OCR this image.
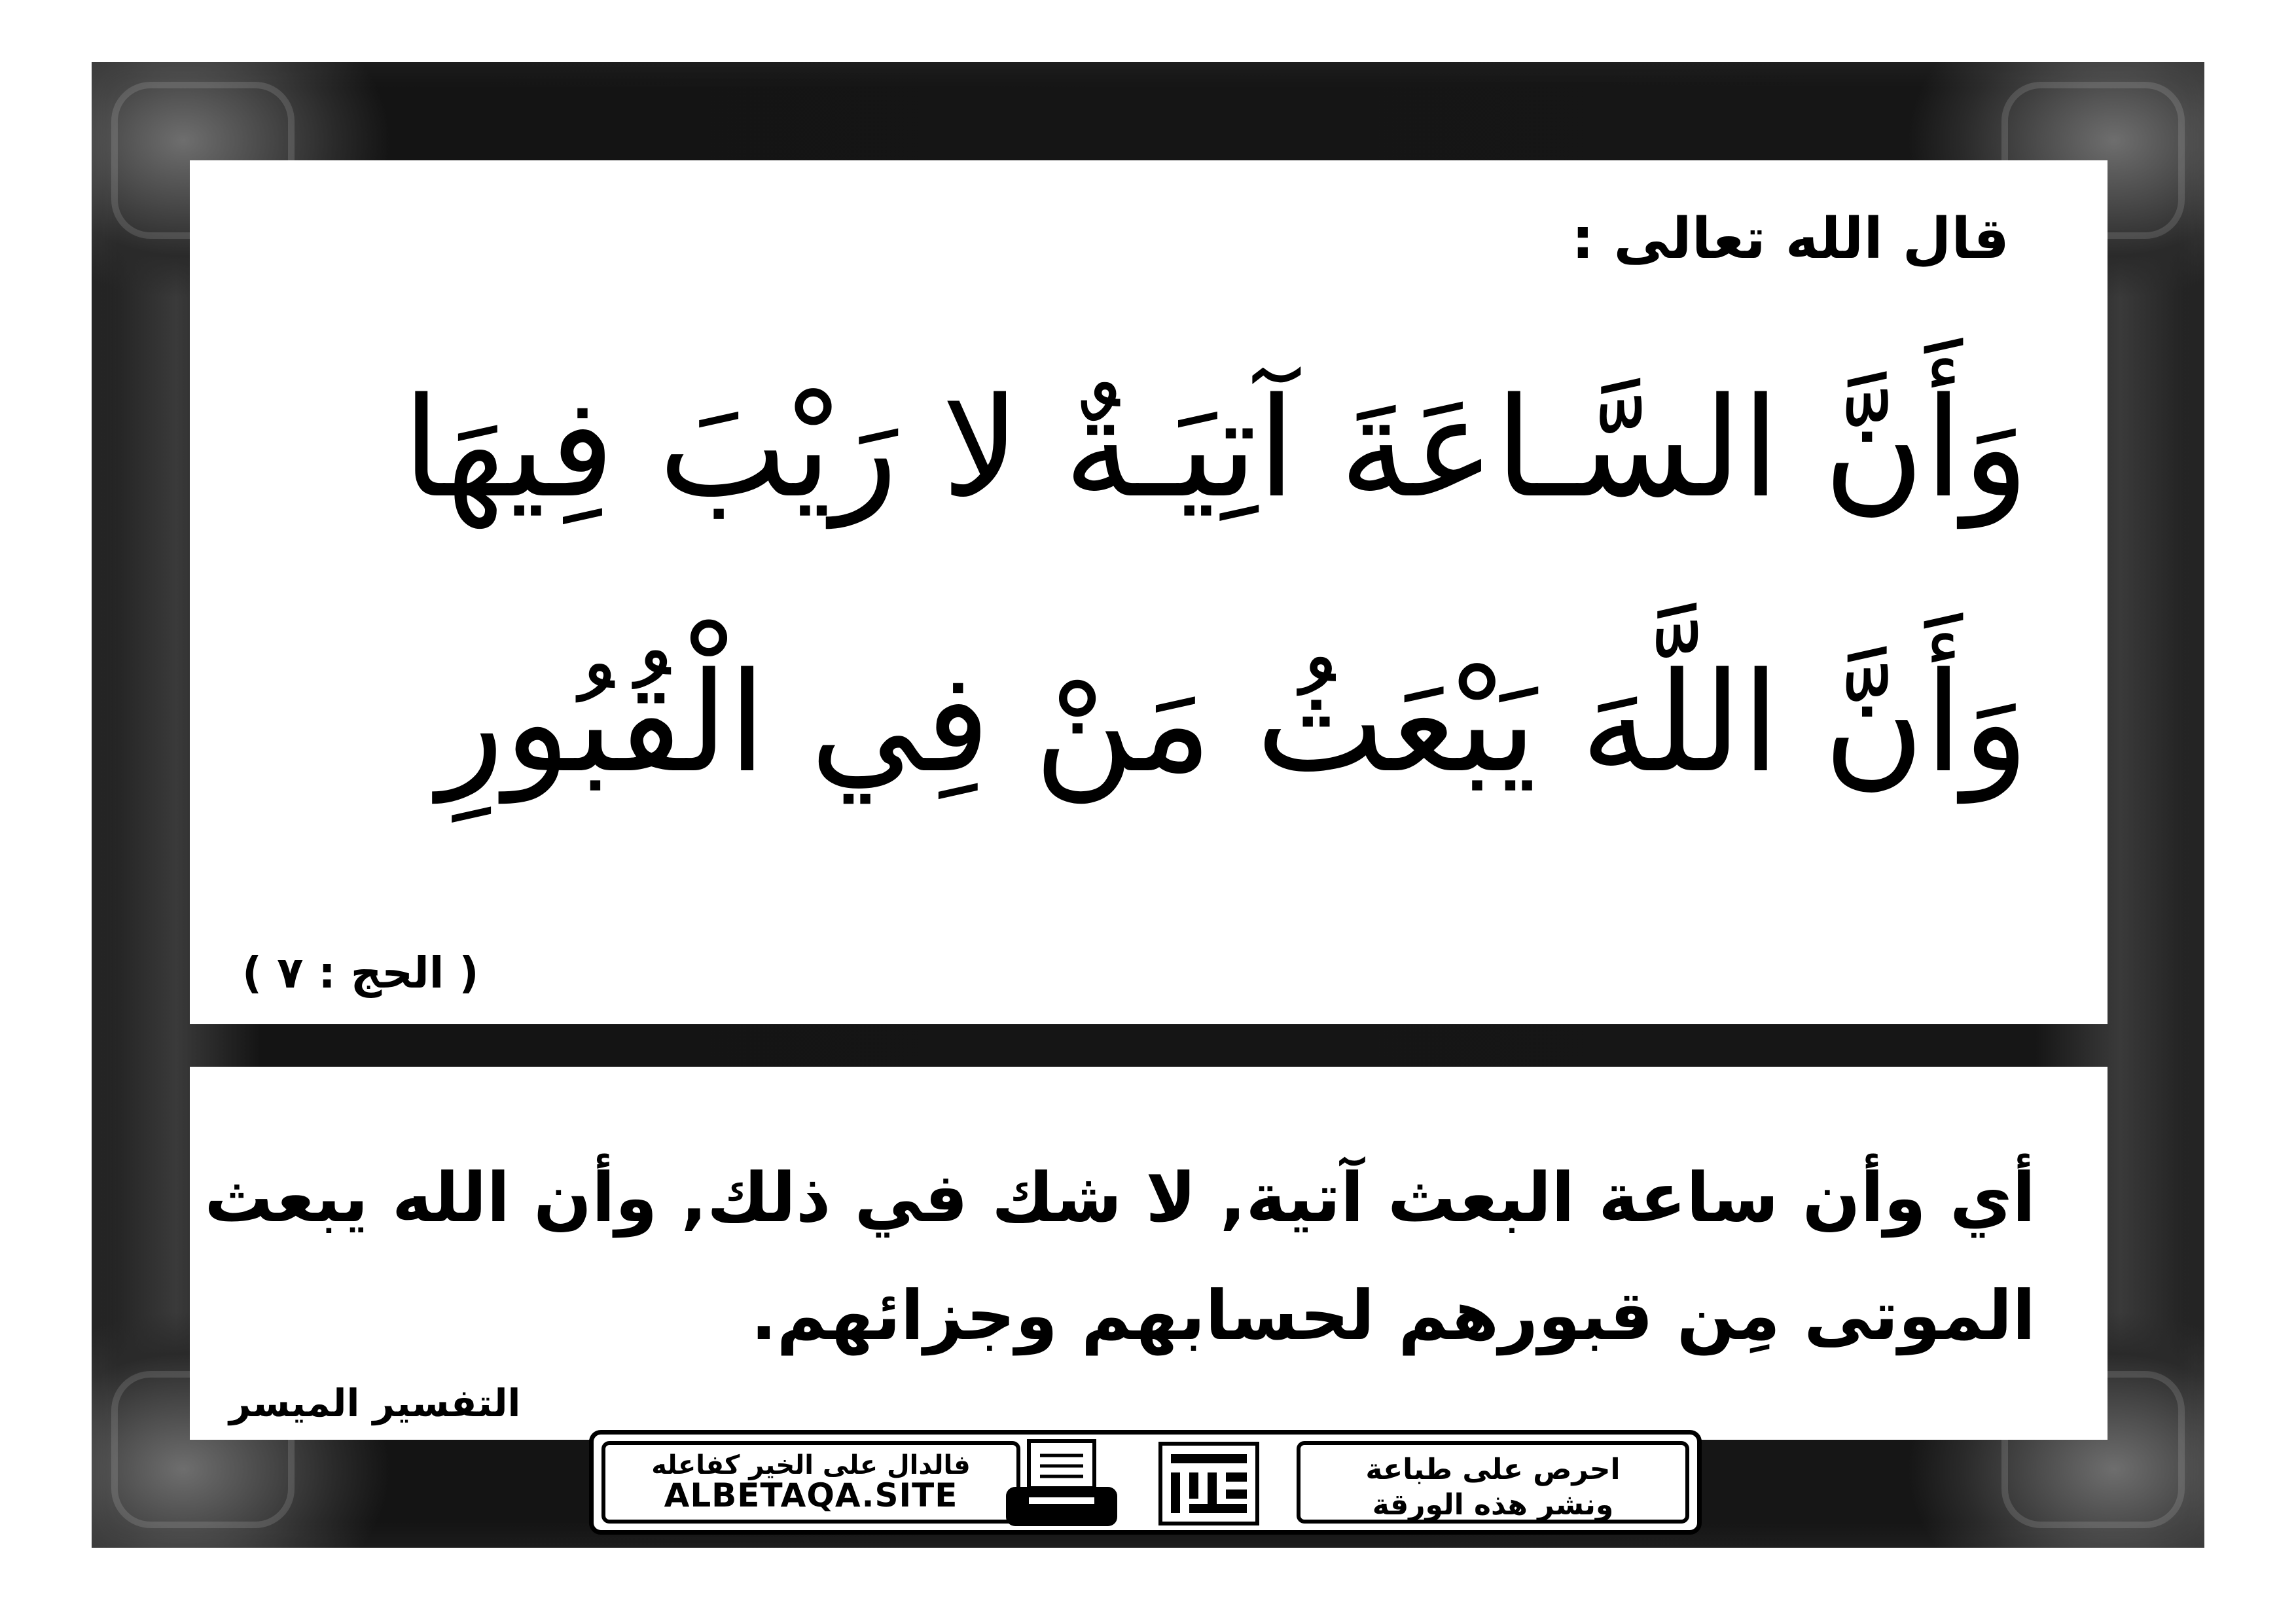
قال الله تعالى :

وَأَنَّ السَّـاعَةَ آتِيَـةٌ لا رَيْبَ فِيهَا
وَأَنَّ اللَّهَ يَبْعَثُ مَنْ فِي الْقُبُورِ

( الحج : ٧ )

أي وأن ساعة البعث آتية, لا شك في ذلك, وأن الله يبعث
الموتى مِن قبورهم لحسابهم وجزائهم.

التفسير الميسر

فالدال على الخير كفاعله

ALBETAQA.SITE

احرص على طباعة

ونشر هذه الورقة
